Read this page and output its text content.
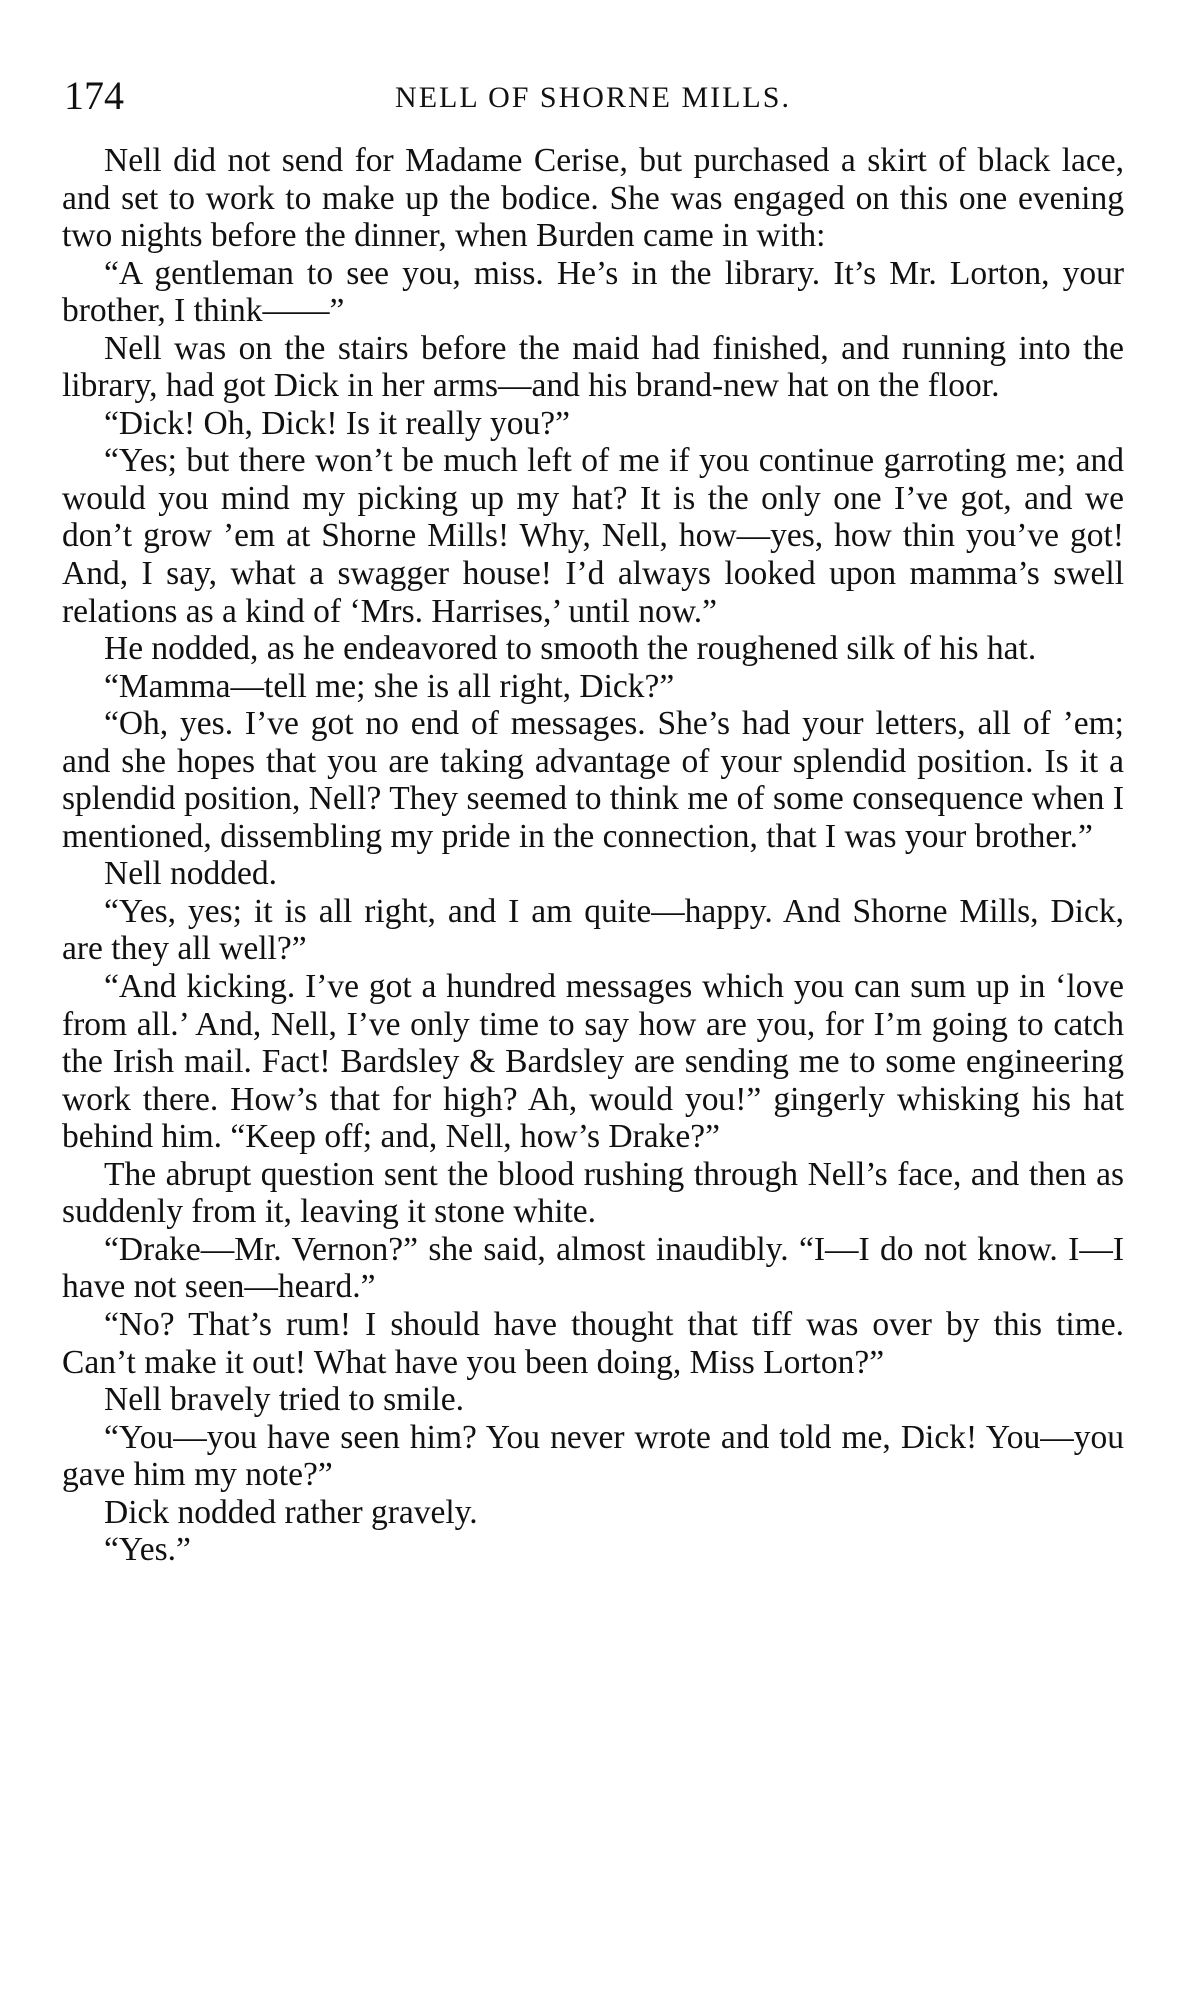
174	NELL OF SHORNE MILLS.

Nell did not send for Madame Cerise, but purchased a skirt of black lace, and set to work to make up the bodice. She was engaged on this one evening two nights before the dinner, when Burden came in with:

“A gentleman to see you, miss. He’s in the library. It’s Mr. Lorton, your brother, I think——”

Nell was on the stairs before the maid had finished, and running into the library, had got Dick in her arms—and his brand-new hat on the floor.

“Dick! Oh, Dick! Is it really you?”

“Yes; but there won’t be much left of me if you continue garroting me; and would you mind my picking up my hat? It is the only one I’ve got, and we don’t grow ’em at Shorne Mills! Why, Nell, how—yes, how thin you’ve got! And, I say, what a swagger house! I’d always looked upon mamma’s swell relations as a kind of ‘Mrs. Harrises,’ until now.”

He nodded, as he endeavored to smooth the roughened silk of his hat.

“Mamma—tell me; she is all right, Dick?”

“Oh, yes. I’ve got no end of messages. She’s had your letters, all of ’em; and she hopes that you are taking advantage of your splendid position. Is it a splendid position, Nell? They seemed to think me of some consequence when I mentioned, dissembling my pride in the connection, that I was your brother.”

Nell nodded.

“Yes, yes; it is all right, and I am quite—happy. And Shorne Mills, Dick, are they all well?”

“And kicking. I’ve got a hundred messages which you can sum up in ‘love from all.’ And, Nell, I’ve only time to say how are you, for I’m going to catch the Irish mail. Fact! Bardsley & Bardsley are sending me to some engineering work there. How’s that for high? Ah, would you!” gingerly whisking his hat behind him. “Keep off; and, Nell, how’s Drake?”

The abrupt question sent the blood rushing through Nell’s face, and then as suddenly from it, leaving it stone white.

“Drake—Mr. Vernon?” she said, almost inaudibly. “I—I do not know. I—I have not seen—heard.”

“No? That’s rum! I should have thought that tiff was over by this time. Can’t make it out! What have you been doing, Miss Lorton?”

Nell bravely tried to smile.

“You—you have seen him? You never wrote and told me, Dick! You—you gave him my note?”

Dick nodded rather gravely.

“Yes.”
